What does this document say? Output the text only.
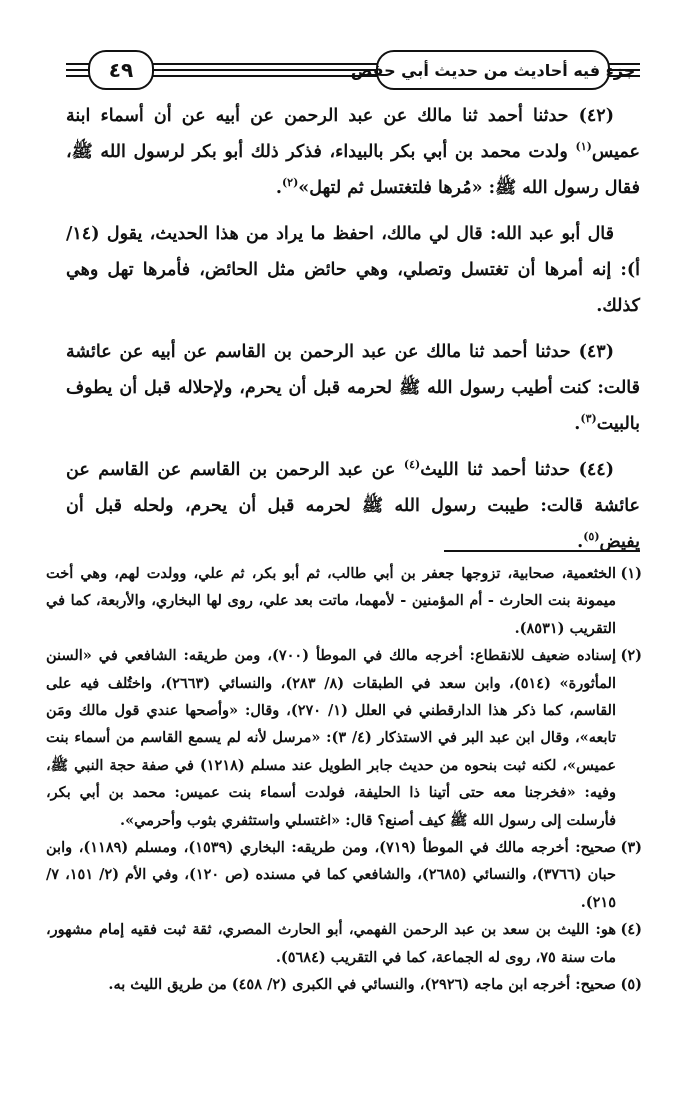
جزء فيه أحاديث من حديث أبي حفص
٤٩

(٤٢) حدثنا أحمد ثنا مالك عن عبد الرحمن عن أبيه عن أن أسماء ابنة عميس$^{(١)}$ ولدت محمد بن أبي بكر بالبيداء، فذكر ذلك أبو بكر لرسول الله ﷺ، فقال رسول الله ﷺ: «مُرها فلتغتسل ثم لتهل»$^{(٢)}$.

قال أبو عبد الله: قال لي مالك، احفظ ما يراد من هذا الحديث، يقول (١٤/ أ): إنه أمرها أن تغتسل وتصلي، وهي حائض مثل الحائض، فأمرها تهل وهي كذلك.

(٤٣) حدثنا أحمد ثنا مالك عن عبد الرحمن بن القاسم عن أبيه عن عائشة قالت: كنت أطيب رسول الله ﷺ لحرمه قبل أن يحرم، ولإحلاله قبل أن يطوف بالبيت$^{(٣)}$.

(٤٤) حدثنا أحمد ثنا الليث$^{(٤)}$ عن عبد الرحمن بن القاسم عن القاسم عن عائشة قالت: طيبت رسول الله ﷺ لحرمه قبل أن يحرم، ولحله قبل أن يفيض$^{(٥)}$.

(١)
الخثعمية، صحابية، تزوجها جعفر بن أبي طالب، ثم أبو بكر، ثم علي، وولدت لهم، وهي أخت ميمونة بنت الحارث - أم المؤمنين - لأمهما، ماتت بعد علي، روى لها البخاري، والأربعة، كما في التقريب (٨٥٣١).
(٢)
إسناده ضعيف للانقطاع: أخرجه مالك في الموطأ (٧٠٠)، ومن طريقه: الشافعي في «السنن المأثورة» (٥١٤)، وابن سعد في الطبقات (٨/ ٢٨٣)، والنسائي (٢٦٦٣)، واختُلف فيه على القاسم، كما ذكر هذا الدارقطني في العلل (١/ ٢٧٠)، وقال: «وأصحها عندي قول مالك ومَن تابعه»، وقال ابن عبد البر في الاستذكار (٤/ ٣): «مرسل لأنه لم يسمع القاسم من أسماء بنت عميس»، لكنه ثبت بنحوه من حديث جابر الطويل عند مسلم (١٢١٨) في صفة حجة النبي ﷺ، وفيه: «فخرجنا معه حتى أتينا ذا الحليفة، فولدت أسماء بنت عميس: محمد بن أبي بكر، فأرسلت إلى رسول الله ﷺ كيف أصنع؟ قال: «اغتسلي واستثفري بثوب وأحرمي».
(٣)
صحيح: أخرجه مالك في الموطأ (٧١٩)، ومن طريقه: البخاري (١٥٣٩)، ومسلم (١١٨٩)، وابن حبان (٣٧٦٦)، والنسائي (٢٦٨٥)، والشافعي كما في مسنده (ص ١٢٠)، وفي الأم (٢/ ١٥١، ٧/ ٢١٥).
(٤)
هو: الليث بن سعد بن عبد الرحمن الفهمي، أبو الحارث المصري، ثقة ثبت فقيه إمام مشهور، مات سنة ٧٥، روى له الجماعة، كما في التقريب (٥٦٨٤).
(٥)
صحيح: أخرجه ابن ماجه (٢٩٢٦)، والنسائي في الكبرى (٢/ ٤٥٨) من طريق الليث به.
